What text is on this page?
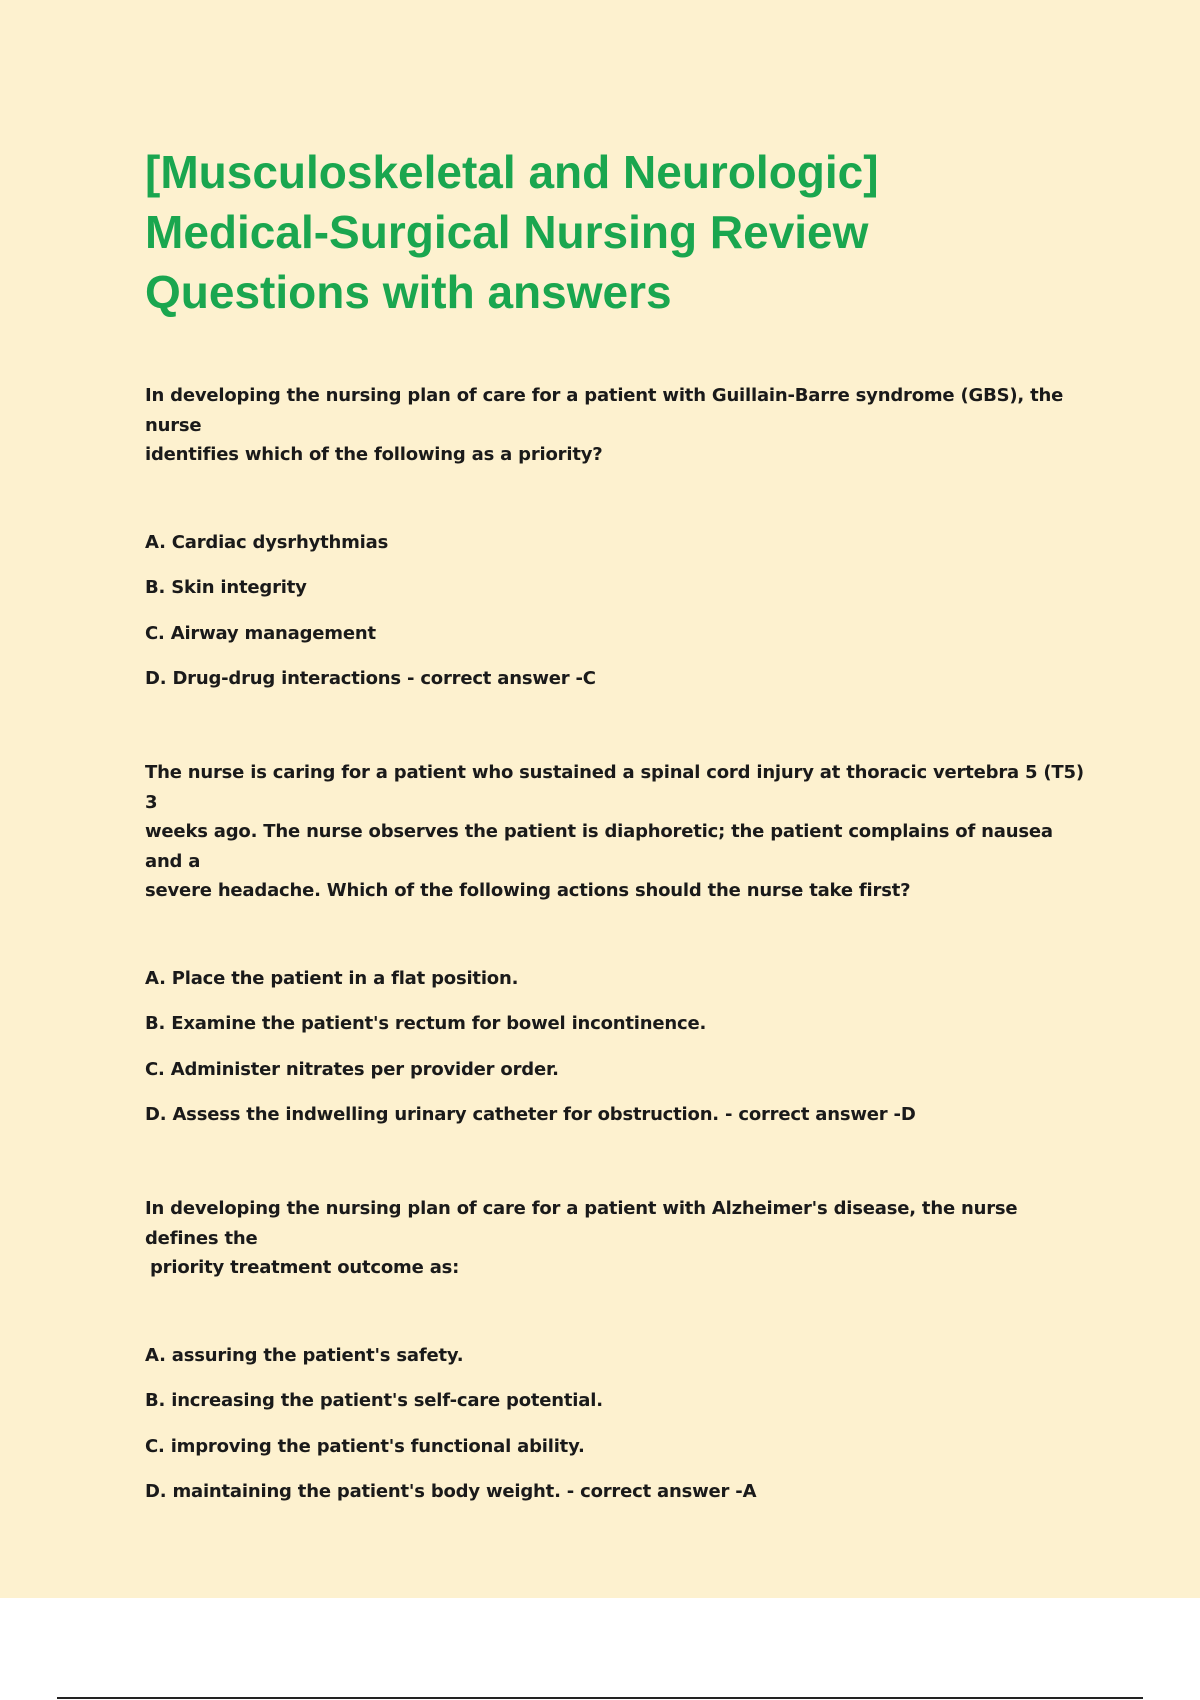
[Musculoskeletal and Neurologic]
Medical-Surgical Nursing Review
Questions with answers

In developing the nursing plan of care for a patient with Guillain-Barre syndrome (GBS), the nurse
identifies which of the following as a priority?

A. Cardiac dysrhythmias
B. Skin integrity
C. Airway management
D. Drug-drug interactions - correct answer -C

The nurse is caring for a patient who sustained a spinal cord injury at thoracic vertebra 5 (T5) 3
weeks ago. The nurse observes the patient is diaphoretic; the patient complains of nausea and a
severe headache. Which of the following actions should the nurse take first?

A. Place the patient in a flat position.
B. Examine the patient's rectum for bowel incontinence.
C. Administer nitrates per provider order.
D. Assess the indwelling urinary catheter for obstruction. - correct answer -D

In developing the nursing plan of care for a patient with Alzheimer's disease, the nurse defines the
priority treatment outcome as:

A. assuring the patient's safety.
B. increasing the patient's self-care potential.
C. improving the patient's functional ability.
D. maintaining the patient's body weight. - correct answer -A
